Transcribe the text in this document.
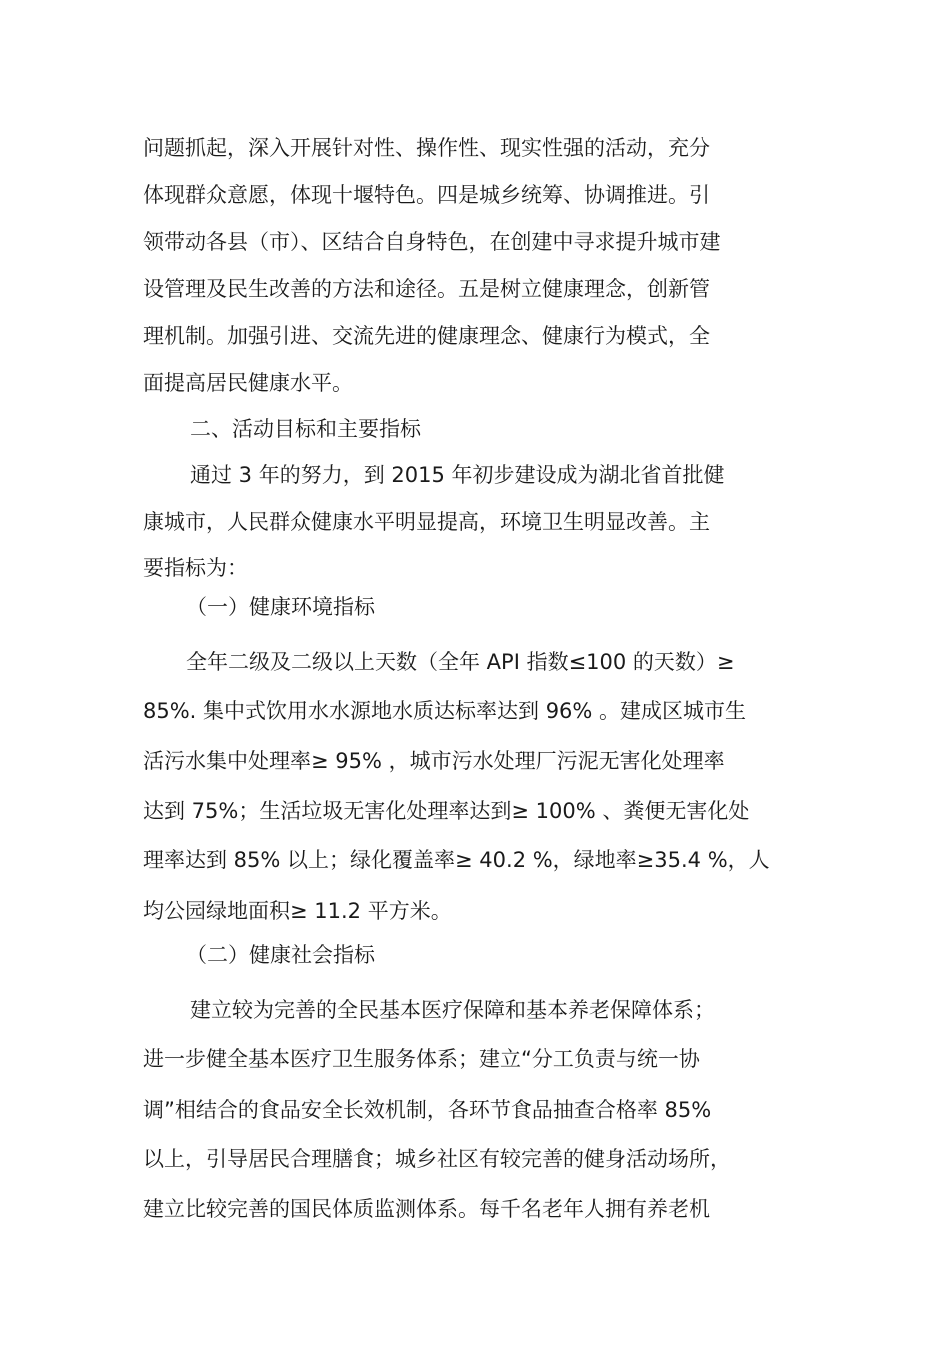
问题抓起，深入开展针对性、操作性、现实性强的活动，充分
体现群众意愿，体现十堰特色。四是城乡统筹、协调推进。引
领带动各县（市）、区结合自身特色，在创建中寻求提升城市建
设管理及民生改善的方法和途径。五是树立健康理念，创新管
理机制。加强引进、交流先进的健康理念、健康行为模式，全
面提高居民健康水平。
二、活动目标和主要指标
通过 3 年的努力，到 2015 年初步建设成为湖北省首批健
康城市，人民群众健康水平明显提高，环境卫生明显改善。主
要指标为：
（一）健康环境指标
全年二级及二级以上天数（全年 API 指数≤100 的天数）≥
85%. 集中式饮用水水源地水质达标率达到 96% 。建成区城市生
活污水集中处理率≥ 95% ，城市污水处理厂污泥无害化处理率
达到 75%；生活垃圾无害化处理率达到≥ 100% 、粪便无害化处
理率达到 85% 以上；绿化覆盖率≥ 40.2 %，绿地率≥35.4 %，人
均公园绿地面积≥ 11.2 平方米。
（二）健康社会指标
建立较为完善的全民基本医疗保障和基本养老保障体系；
进一步健全基本医疗卫生服务体系；建立“分工负责与统一协
调”相结合的食品安全长效机制，各环节食品抽查合格率 85%
以上，引导居民合理膳食；城乡社区有较完善的健身活动场所，
建立比较完善的国民体质监测体系。每千名老年人拥有养老机
